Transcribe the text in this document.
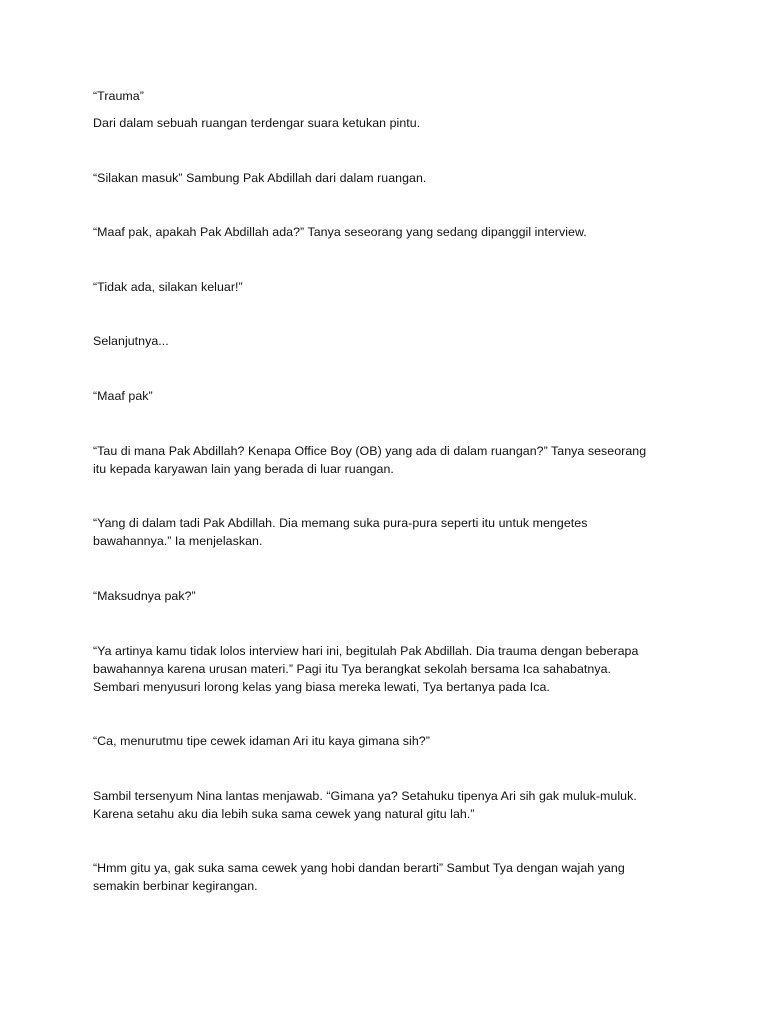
“Trauma”

Dari dalam sebuah ruangan terdengar suara ketukan pintu.

“Silakan masuk” Sambung Pak Abdillah dari dalam ruangan.

“Maaf pak, apakah Pak Abdillah ada?” Tanya seseorang yang sedang dipanggil interview.

“Tidak ada, silakan keluar!”

Selanjutnya...

“Maaf pak”

“Tau di mana Pak Abdillah? Kenapa Office Boy (OB) yang ada di dalam ruangan?” Tanya seseorang
itu kepada karyawan lain yang berada di luar ruangan.

“Yang di dalam tadi Pak Abdillah. Dia memang suka pura-pura seperti itu untuk mengetes
bawahannya.” Ia menjelaskan.

“Maksudnya pak?”

“Ya artinya kamu tidak lolos interview hari ini, begitulah Pak Abdillah. Dia trauma dengan beberapa
bawahannya karena urusan materi.” Pagi itu Tya berangkat sekolah bersama Ica sahabatnya.
Sembari menyusuri lorong kelas yang biasa mereka lewati, Tya bertanya pada Ica.

“Ca, menurutmu tipe cewek idaman Ari itu kaya gimana sih?”

Sambil tersenyum Nina lantas menjawab. “Gimana ya? Setahuku tipenya Ari sih gak muluk-muluk.
Karena setahu aku dia lebih suka sama cewek yang natural gitu lah.”

“Hmm gitu ya, gak suka sama cewek yang hobi dandan berarti” Sambut Tya dengan wajah yang
semakin berbinar kegirangan.
